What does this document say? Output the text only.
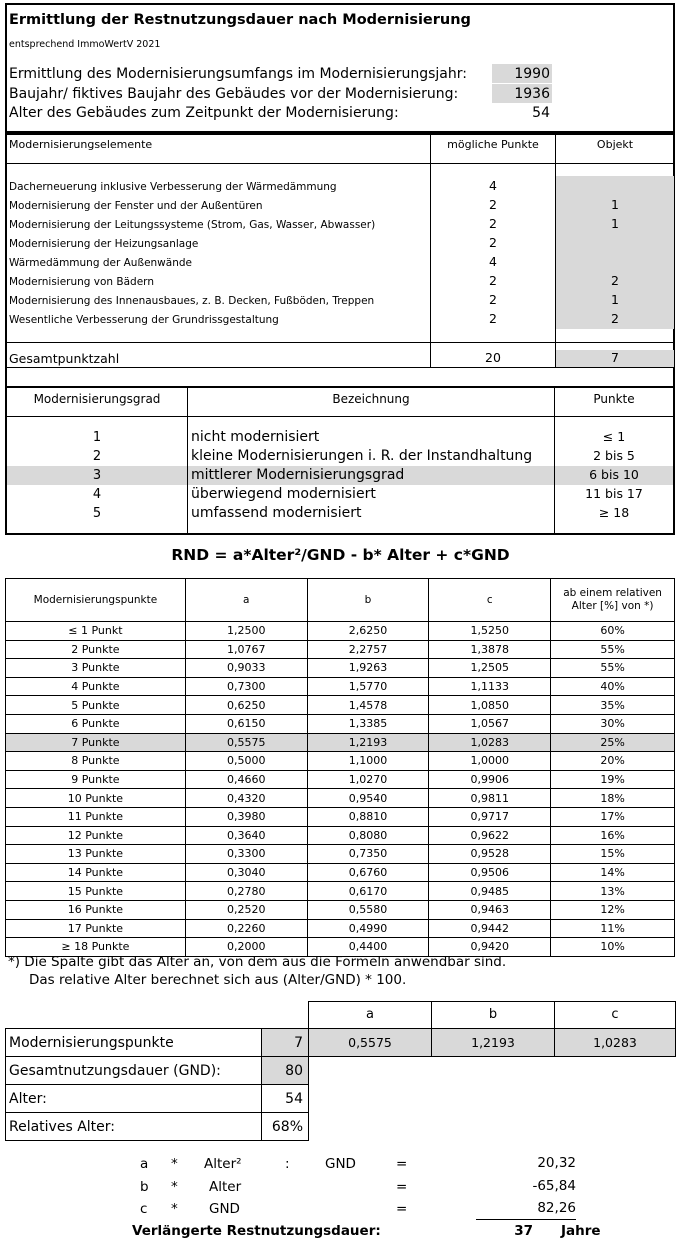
Ermittlung der Restnutzungsdauer nach Modernisierung
entsprechend ImmoWertV 2021
Ermittlung des Modernisierungsumfangs im Modernisierungsjahr:	1990
Baujahr/ fiktives Baujahr des Gebäudes vor der Modernisierung:	1936
Alter des Gebäudes zum Zeitpunkt der Modernisierung:	54
Modernisierungselemente	mögliche Punkte	Objekt
Dacherneuerung inklusive Verbesserung der Wärmedämmung	4
Modernisierung der Fenster und der Außentüren	2	1
Modernisierung der Leitungssysteme (Strom, Gas, Wasser, Abwasser)	2	1
Modernisierung der Heizungsanlage	2
Wärmedämmung der Außenwände	4
Modernisierung von Bädern	2	2
Modernisierung des Innenausbaues, z. B. Decken, Fußböden, Treppen	2	1
Wesentliche Verbesserung der Grundrissgestaltung	2	2
Gesamtpunktzahl	20	7
Modernisierungsgrad	Bezeichnung	Punkte
1	nicht modernisiert	≤ 1
2	kleine Modernisierungen i. R. der Instandhaltung	2 bis 5
3	mittlerer Modernisierungsgrad	6 bis 10
4	überwiegend modernisiert	11 bis 17
5	umfassend modernisiert	≥ 18
RND = a*Alter²/GND - b* Alter + c*GND
Modernisierungspunkte	a	b	c	ab einem relativen Alter [%] von *)
≤ 1 Punkt	1,2500	2,6250	1,5250	60%
2 Punkte	1,0767	2,2757	1,3878	55%
3 Punkte	0,9033	1,9263	1,2505	55%
4 Punkte	0,7300	1,5770	1,1133	40%
5 Punkte	0,6250	1,4578	1,0850	35%
6 Punkte	0,6150	1,3385	1,0567	30%
7 Punkte	0,5575	1,2193	1,0283	25%
8 Punkte	0,5000	1,1000	1,0000	20%
9 Punkte	0,4660	1,0270	0,9906	19%
10 Punkte	0,4320	0,9540	0,9811	18%
11 Punkte	0,3980	0,8810	0,9717	17%
12 Punkte	0,3640	0,8080	0,9622	16%
13 Punkte	0,3300	0,7350	0,9528	15%
14 Punkte	0,3040	0,6760	0,9506	14%
15 Punkte	0,2780	0,6170	0,9485	13%
16 Punkte	0,2520	0,5580	0,9463	12%
17 Punkte	0,2260	0,4990	0,9442	11%
≥ 18 Punkte	0,2000	0,4400	0,9420	10%
*) Die Spalte gibt das Alter an, von dem aus die Formeln anwendbar sind.
Das relative Alter berechnet sich aus (Alter/GND) * 100.
a	b	c
Modernisierungspunkte	7	0,5575	1,2193	1,0283
Gesamtnutzungsdauer (GND):	80
Alter:	54
Relatives Alter:	68%
a * Alter²	:	GND	=	20,32
b * Alter	=	-65,84
c * GND	=	82,26
Verlängerte Restnutzungsdauer:	37 Jahre
